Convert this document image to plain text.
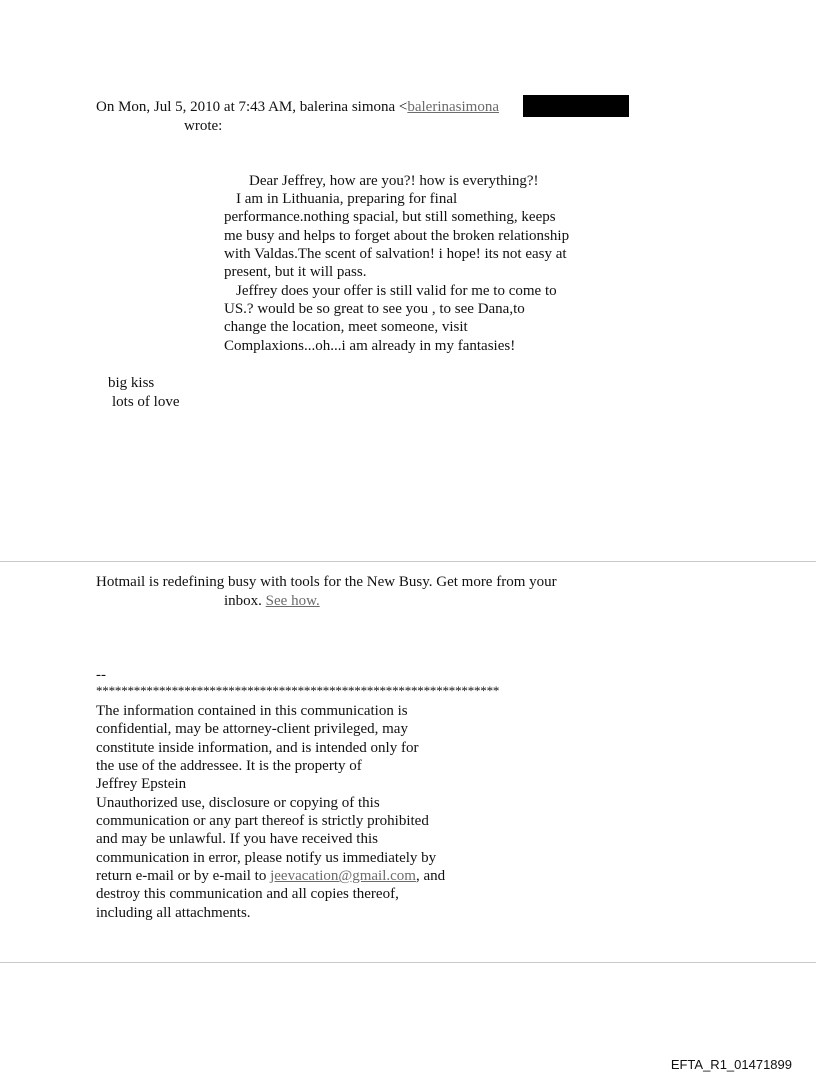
On Mon, Jul 5, 2010 at 7:43 AM, balerina simona <balerinasimona
wrote:
Dear Jeffrey, how are you?! how is everything?!
I am in Lithuania, preparing for final
performance.nothing spacial, but still something, keeps
me busy and helps to forget about the broken relationship
with Valdas.The scent of salvation! i hope! its not easy at
present, but it will pass.
Jeffrey does your offer is still valid for me to come to
US.? would be so great to see you , to see Dana,to
change the location, meet someone, visit
Complaxions...oh...i am already in my fantasies!
big kiss
lots of love
Hotmail is redefining busy with tools for the New Busy. Get more from your
inbox. See how.
--
****************************************************************
The information contained in this communication is
confidential, may be attorney-client privileged, may
constitute inside information, and is intended only for
the use of the addressee. It is the property of
Jeffrey Epstein
Unauthorized use, disclosure or copying of this
communication or any part thereof is strictly prohibited
and may be unlawful. If you have received this
communication in error, please notify us immediately by
return e-mail or by e-mail to jeevacation@gmail.com, and
destroy this communication and all copies thereof,
including all attachments.
EFTA_R1_01471899
